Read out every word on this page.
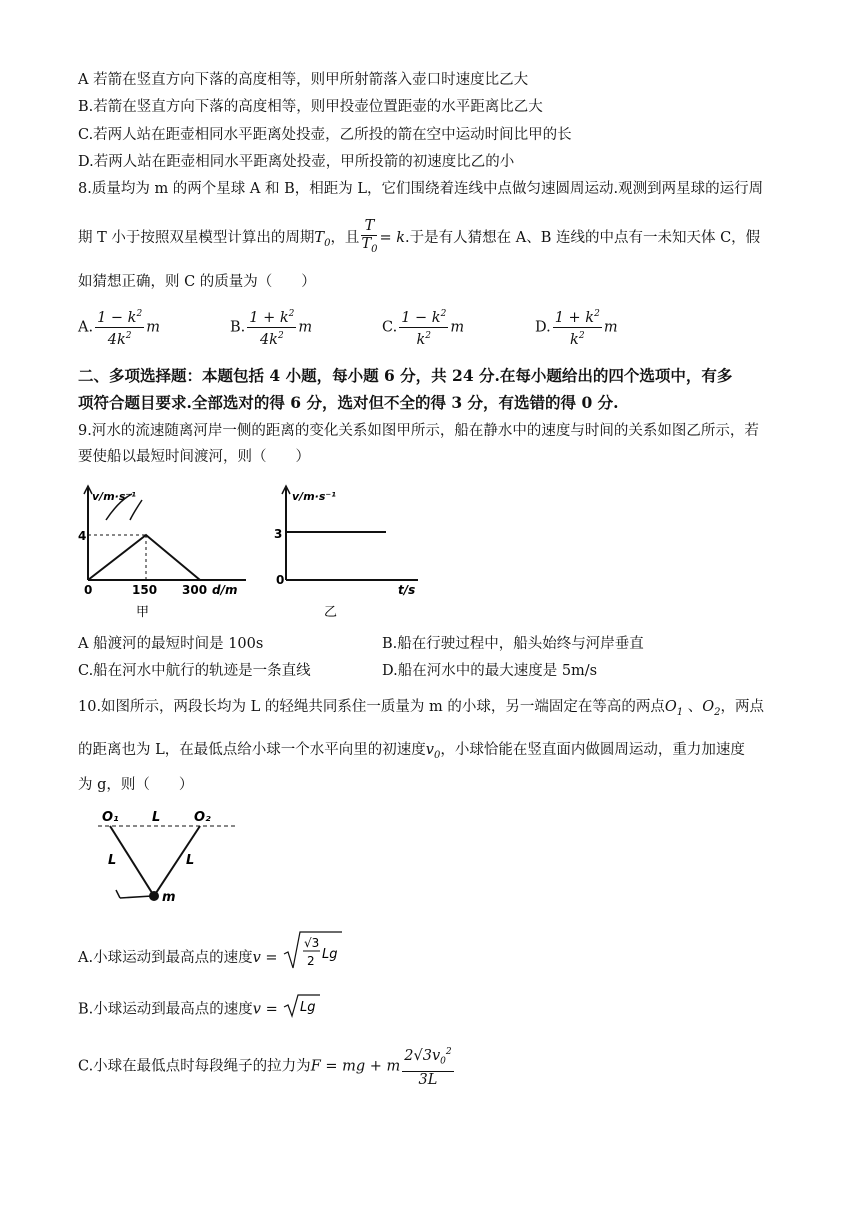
A 若箭在竖直方向下落的高度相等，则甲所射箭落入壶口时速度比乙大
B.若箭在竖直方向下落的高度相等，则甲投壶位置距壶的水平距离比乙大
C.若两人站在距壶相同水平距离处投壶，乙所投的箭在空中运动时间比甲的长
D.若两人站在距壶相同水平距离处投壶，甲所投箭的初速度比乙的小
8.质量均为 m 的两个星球 A 和 B，相距为 L，它们围绕着连线中点做匀速圆周运动.观测到两星球的运行周
期 T 小于按照双星模型计算出的周期$T_0$，且 $\frac{T}{T_0} = k$.于是有人猜想在 A、B 连线的中点有一未知天体 C，假
如猜想正确，则 C 的质量为（　　）
A. $\frac{1 - k^2}{4k^2}$ m	B. $\frac{1 + k^2}{4k^2}$ m	C. $\frac{1 - k^2}{k^2}$ m	D. $\frac{1 + k^2}{k^2}$ m
二、多项选择题：本题包括 4 小题，每小题 6 分，共 24 分.在每小题给出的四个选项中，有多
项符合题目要求.全部选对的得 6 分，选对但不全的得 3 分，有选错的得 0 分.
9.河水的流速随离河岸一侧的距离的变化关系如图甲所示，船在静水中的速度与时间的关系如图乙所示，若
要使船以最短时间渡河，则（　　）
v/m·s⁻¹
4
0	150 300 d/m
甲
v/m·s⁻¹
3
0
t/s
乙
A 船渡河的最短时间是 100s	B.船在行驶过程中，船头始终与河岸垂直
C.船在河水中航行的轨迹是一条直线	D.船在河水中的最大速度是 5m/s
10.如图所示，两段长均为 L 的轻绳共同系住一质量为 m 的小球，另一端固定在等高的两点$O_1$ 、$O_2$，两点
的距离也为 L，在最低点给小球一个水平向里的初速度$v_0$，小球恰能在竖直面内做圆周运动，重力加速度
为 g，则（　　）
O₁	L	O₂
L	L
m
A.小球运动到最高点的速度v =
√3
2 Lg
B.小球运动到最高点的速度v = Lg
C.小球在最低点时每段绳子的拉力为F = mg + m $\frac{2√3v_0^2}{3L}$
